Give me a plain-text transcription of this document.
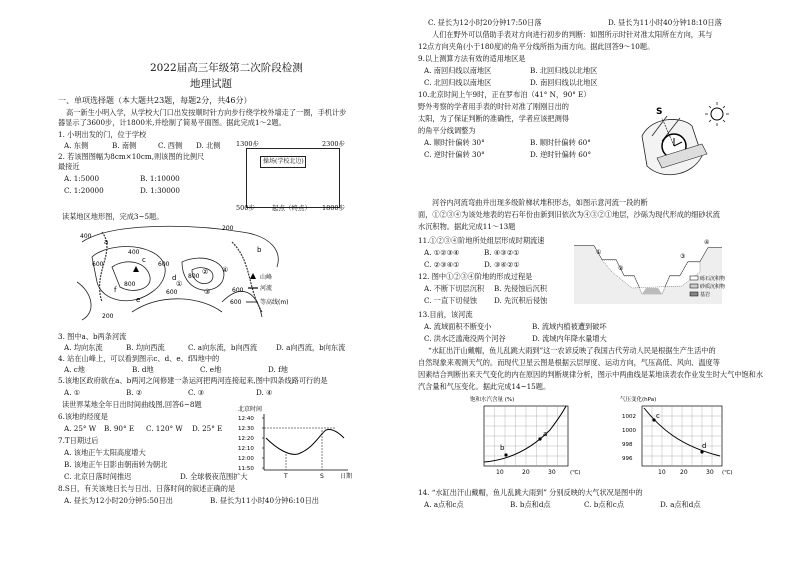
2022届高三年级第二次阶段检测
地理试题
一、单项选择题（本大题共23题，每题2分，共46分）
高一新生小明入学，从学校大门口出发按顺时针方向步行绕学校外墙走了一圈，手机计步
器显示了3600步，计1800米,并绘制了简易平面图。据此完成1～2题。
1. 小明出发的门，位于学校
A. 东侧	B. 南侧	C. 西侧 D. 北侧
2. 若该图图幅为8cm×10cm,则该图的比例尺
最接近
A. 1:5000	B. 1:10000
C. 1:20000	D. 1:30000
操场(学校北边)
1300步	2300步
500步	1800步
起点（终点）
读某地区地形图，完成3~5题。
400
600
800
600
800
400
200
200
600
600
a
b
c
d
e
f
①
②
③
④
山峰
河流
600	等高线(m)
3. 图中a、b两条河流
A. 均向东流	B. 均向西流	C. a向东流，b向西流	D. a向西流，b向东流
4. 站在山峰上，可以看到图示c、d、e、f四地中的
A. c地	B. d地	C. e地	D. f地
5.该地区政府欲在a、b两河之间修建一条运河把两河连接起来,图中四条线路可行的是
A. ①	B. ②	C. ③	D. ④
读世界某地全年日出时间曲线图,回答6~8题
6.该地的经度是
A. 25° W B. 90° E C. 120° W D. 25° E
7.T日期过后
A. 该地正午太阳高度增大
B. 该地正午日影由朝南转为朝北
C. 北京日落时间推迟	D. 全球极夜范围扩大
8.S日，有关该地日长与日出、日落时间的叙述正确的是
A. 昼长为12小时20分钟5:50日出	B. 昼长为11小时40分钟6:10日出
北京时间
12:40
12:30
12:20
12:10
12:00
11:50
T	S	日期
C. 昼长为12小时20分钟17:50日落	D. 昼长为11小时40分钟18:10日落
人们在野外可以借助手表对方向进行初步的判断：如图所示时针对准太阳所在方向，其与
12点方向夹角(小于180度)的角平分线所指为南方向。据此回答9～10题。
9.以上测算方法有效的适用地区是
A. 南回归线以南地区	B. 北回归线以北地区
C. 北回归线以南地区	D. 南回归线以北地区
10.北京时间上午9时，正在罗布泊（41° N，90° E）
野外考察的学者用手表的时针对准了刚刚日出的
太阳，为了保证判断的准确性，学者应该把测得
的角平分线调整为
A. 顺时针偏转 30°	B. 顺时针偏转 60°
C. 逆时针偏转 30°	D. 逆时针偏转 60°
S
河谷内河流弯曲并出现多级阶梯状堆积形态，如图示意河流一段的断
面，①②③④为该处地表的岩石年份由新到旧依次为④③②①地层，沙砾为现代形成的细砂状流
水沉积物。据此完成11～13题
11.①②③④阶地所处组层形成时期流速
A. ①②③④	B. ④③②①
C. ②③④①	D. ③④②①
12. 图中①②③④阶地的形成过程是
A. 不断下切层沉积 B. 先侵蚀后沉积
C. 一直下切侵蚀 D. 先沉积后侵蚀
①
②
③
④
砾石沉积物
砂质沉积物
基岩
13.目前，该河流
A. 流域面积不断变小	B. 流域内植被遭到破坏
C. 洪水泛滥淹没两个河谷	D. 流域内年降水量增大
“水缸出汗山戴帽，鱼儿乱跳大雨到”这一农谚反映了我国古代劳动人民是根据生产生活中的
自然现象来观测天气的。而现代卫星云图是根据云层厚度、运动方向，气压高低、风向、温度等
因素结合判断出来天气变化的内在原因的判断规律分析，图示中两曲线是某地读表农作业发生时大气中饱和水
汽含量和气压变化。据此完成14~15题。
饱和水汽含量 (%)
a
b
10	20	30	(℃)
气压变化(hPa)
c
d
1002
1000
998
996
10 20	30 (℃)
14. “水缸出汗山戴帽，鱼儿乱跳大雨到” 分别反映的大气状况是图中的
A. a点和c点	B. b点和d点	C. b点和c点	D. a点和d点
